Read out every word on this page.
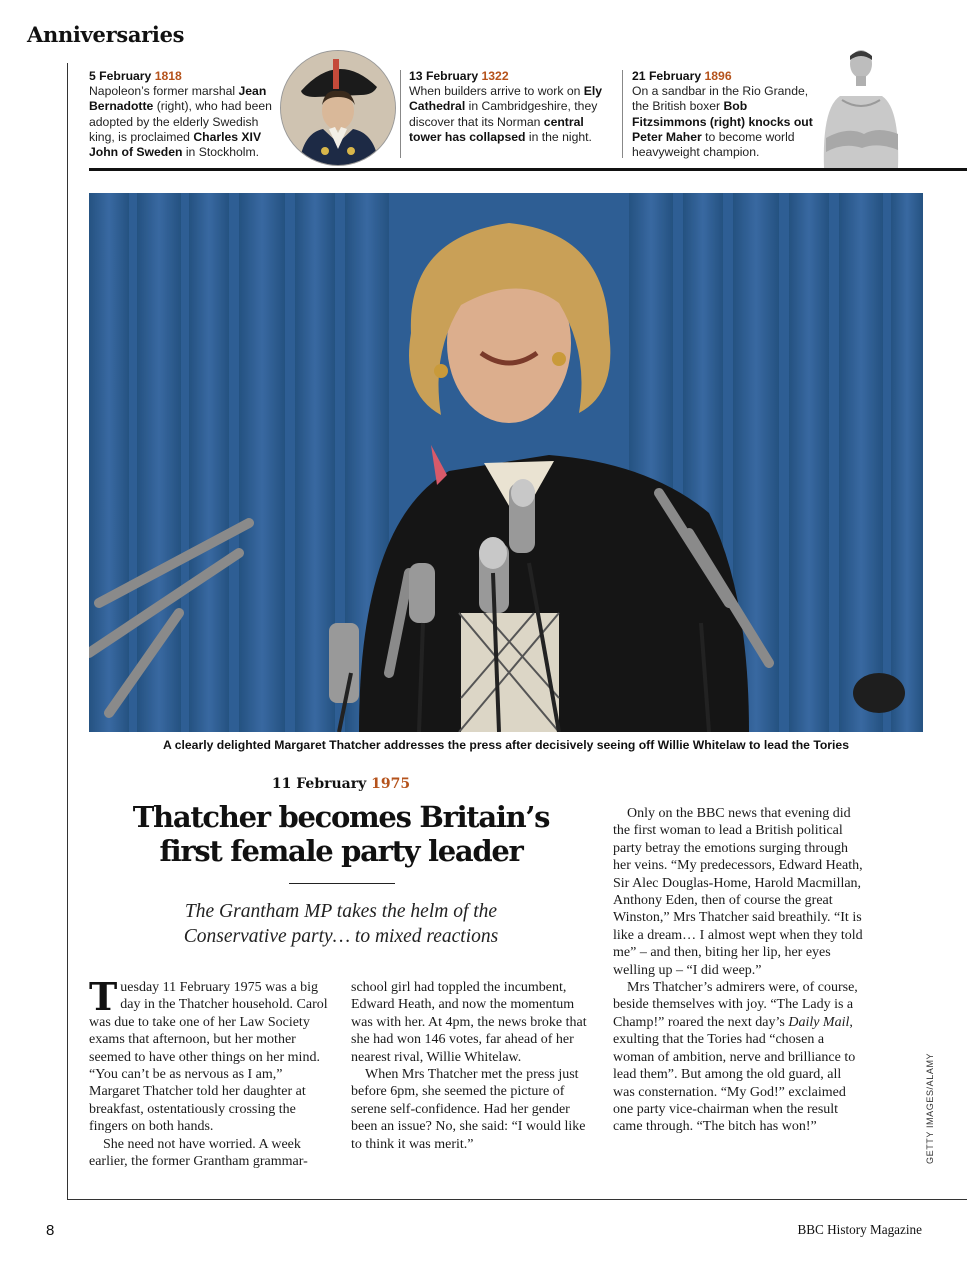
Anniversaries
5 February 1818
Napoleon’s former marshal Jean Bernadotte (right), who had been adopted by the elderly Swedish king, is proclaimed Charles XIV John of Sweden in Stockholm.
13 February 1322
When builders arrive to work on Ely Cathedral in Cambridgeshire, they discover that its Norman central tower has collapsed in the night.
21 February 1896
On a sandbar in the Rio Grande, the British boxer Bob Fitzsimmons (right) knocks out Peter Maher to become world heavyweight champion.
A clearly delighted Margaret Thatcher addresses the press after decisively seeing off Willie Whitelaw to lead the Tories
GETTY IMAGES/ALAMY
11 February 1975
Thatcher becomes Britain’s
first female party leader
The Grantham MP takes the helm of the
Conservative party… to mixed reactions

Tuesday 11 February 1975 was a big day in the Thatcher household. Carol was due to take one of her Law Society exams that afternoon, but her mother seemed to have other things on her mind. “You can’t be as nervous as I am,” Margaret Thatcher told her daughter at breakfast, ostentatiously crossing the fingers on both hands.

She need not have worried. A week earlier, the former Grantham grammar-

school girl had toppled the incumbent, Edward Heath, and now the momentum was with her. At 4pm, the news broke that she had won 146 votes, far ahead of her nearest rival, Willie Whitelaw.

When Mrs Thatcher met the press just before 6pm, she seemed the picture of serene self-confidence. Had her gender been an issue? No, she said: “I would like to think it was merit.”

Only on the BBC news that evening did the first woman to lead a British political party betray the emotions surging through her veins. “My predecessors, Edward Heath, Sir Alec Douglas-Home, Harold Macmillan, Anthony Eden, then of course the great Winston,” Mrs Thatcher said breathily. “It is like a dream… I almost wept when they told me” – and then, biting her lip, her eyes welling up – “I did weep.”

Mrs Thatcher’s admirers were, of course, beside themselves with joy. “The Lady is a Champ!” roared the next day’s Daily Mail, exulting that the Tories had “chosen a woman of ambition, nerve and brilliance to lead them”. But among the old guard, all was consternation. “My God!” exclaimed one party vice-chairman when the result came through. “The bitch has won!”

8	BBC History Magazine
